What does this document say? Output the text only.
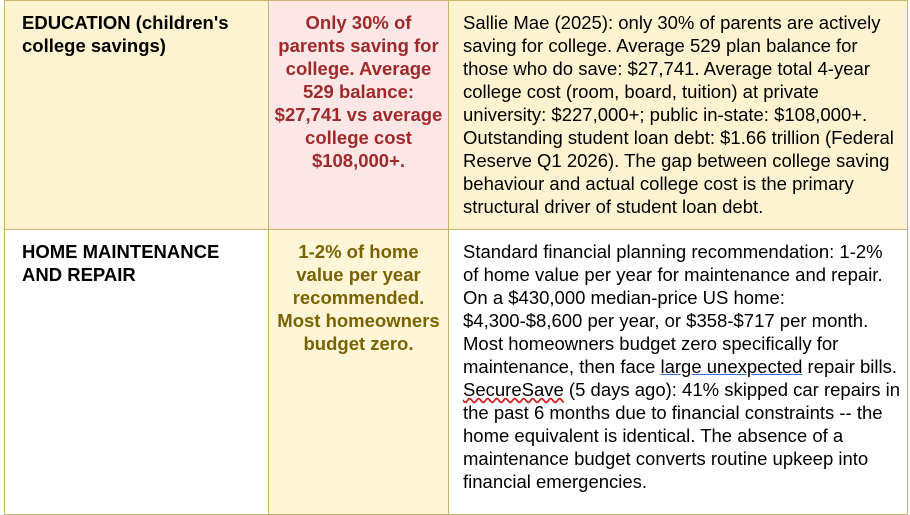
EDUCATION (children's college savings)	Only 30% of parents saving for college. Average 529 balance: $27,741 vs average college cost $108,000+.	Sallie Mae (2025): only 30% of parents are actively saving for college. Average 529 plan balance for those who do save: $27,741. Average total 4-year college cost (room, board, tuition) at private university: $227,000+; public in-state: $108,000+. Outstanding student loan debt: $1.66 trillion (Federal Reserve Q1 2026). The gap between college saving behaviour and actual college cost is the primary structural driver of student loan debt.
HOME MAINTENANCE AND REPAIR	1-2% of home value per year recommended. Most homeowners budget zero.	Standard financial planning recommendation: 1-2% of home value per year for maintenance and repair. On a $430,000 median-price US home: $4,300-$8,600 per year, or $358-$717 per month. Most homeowners budget zero specifically for maintenance, then face large unexpected repair bills. SecureSave (5 days ago): 41% skipped car repairs in the past 6 months due to financial constraints -- the home equivalent is identical. The absence of a maintenance budget converts routine upkeep into financial emergencies.
